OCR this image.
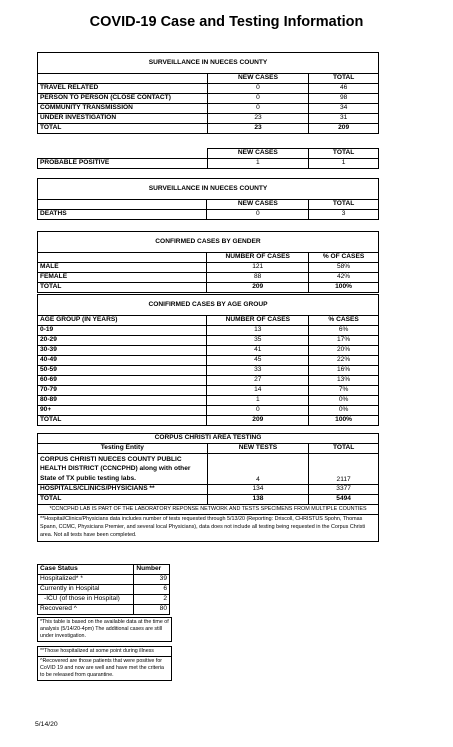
COVID-19 Case and Testing Information
SURVEILLANCE IN NUECES COUNTY		
	NEW CASES	TOTAL
TRAVEL RELATED	0	46
PERSON TO PERSON (CLOSE CONTACT)	0	98
COMMUNITY TRANSMISSION	0	34
UNDER INVESTIGATION	23	31
TOTAL	23	209
	NEW CASES	TOTAL
PROBABLE POSITIVE	1	1
SURVEILLANCE IN NUECES COUNTY		
	NEW CASES	TOTAL
DEATHS	0	3
CONFIRMED CASES BY GENDER		
	NUMBER OF CASES	% OF CASES
MALE	121	58%
FEMALE	88	42%
TOTAL	209	100%
CONIFIRMED CASES BY AGE GROUP		
AGE GROUP (IN YEARS)	NUMBER OF CASES	% CASES
0-19	13	6%
20-29	35	17%
30-39	41	20%
40-49	45	22%
50-59	33	16%
60-69	27	13%
70-79	14	7%
80-89	1	0%
90+	0	0%
TOTAL	209	100%
CORPUS CHRISTI AREA TESTING		
Testing Entity	NEW TESTS	TOTAL
CORPUS CHRISTI NUECES COUNTY PUBLIC HEALTH DISTRICT (CCNCPHD) along with other State of TX public testing labs.	4	2117
HOSPITALS/CLINICS/PHYSICIANS **	134	3377
TOTAL	138	5494
*CCNCPHD LAB IS PART OF THE LABORATORY REPONSE NETWORK AND TESTS SPECIMENS FROM MULTIPLE COUNTIES		
**Hospital/Clinics/Physicians data includes number of tests requested through 5/13/20 (Reporting: Driscoll, CHRISTUS Spohn, Thomas Spann, CCMC, Physicians Premier, and several local Physicians), data does not include all testing being requested in the Corpus Christi area. Not all tests have been completed.		
Case Status	Number
Hospitalized* *	39
Currently in Hospital	6
-ICU (of those in Hospital)	2
Recovered ^	80
*This table is based on the available data at the time of analysis (5/14/20-4pm) The additional cases are still under investigation.
**Those hospitalized at some point during illness
^Recovered are those patients that were positive for CoVID 19 and now are well and have met the criteria to be released from quarantine.
5/14/20
